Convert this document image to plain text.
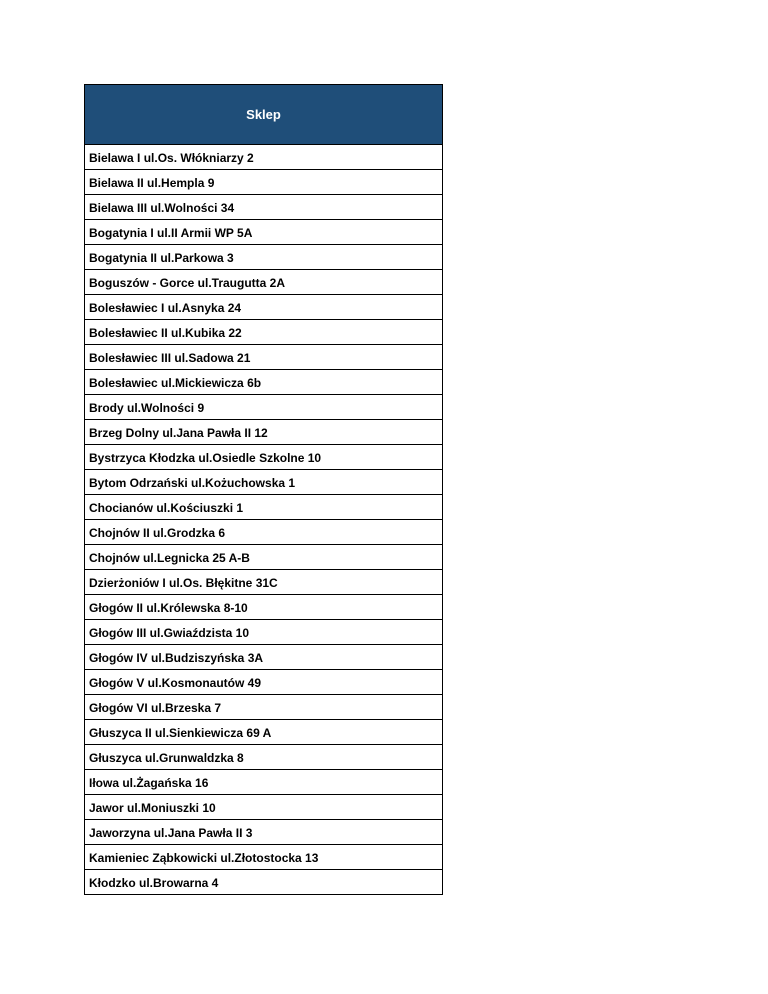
Sklep
Bielawa I ul.Os. Włókniarzy 2
Bielawa II ul.Hempla 9
Bielawa III ul.Wolności 34
Bogatynia I ul.II Armii WP 5A
Bogatynia II ul.Parkowa 3
Boguszów - Gorce ul.Traugutta 2A
Bolesławiec I ul.Asnyka 24
Bolesławiec II ul.Kubika 22
Bolesławiec III ul.Sadowa 21
Bolesławiec ul.Mickiewicza 6b
Brody ul.Wolności 9
Brzeg Dolny ul.Jana Pawła II 12
Bystrzyca Kłodzka ul.Osiedle Szkolne 10
Bytom Odrzański ul.Kożuchowska 1
Chocianów ul.Kościuszki 1
Chojnów II ul.Grodzka 6
Chojnów ul.Legnicka 25 A-B
Dzierżoniów I ul.Os. Błękitne 31C
Głogów II ul.Królewska 8-10
Głogów III ul.Gwiaździsta 10
Głogów IV ul.Budziszyńska 3A
Głogów V ul.Kosmonautów 49
Głogów VI ul.Brzeska 7
Głuszyca II ul.Sienkiewicza 69 A
Głuszyca ul.Grunwaldzka 8
Iłowa ul.Żagańska 16
Jawor ul.Moniuszki 10
Jaworzyna ul.Jana Pawła II 3
Kamieniec Ząbkowicki ul.Złotostocka 13
Kłodzko ul.Browarna 4
